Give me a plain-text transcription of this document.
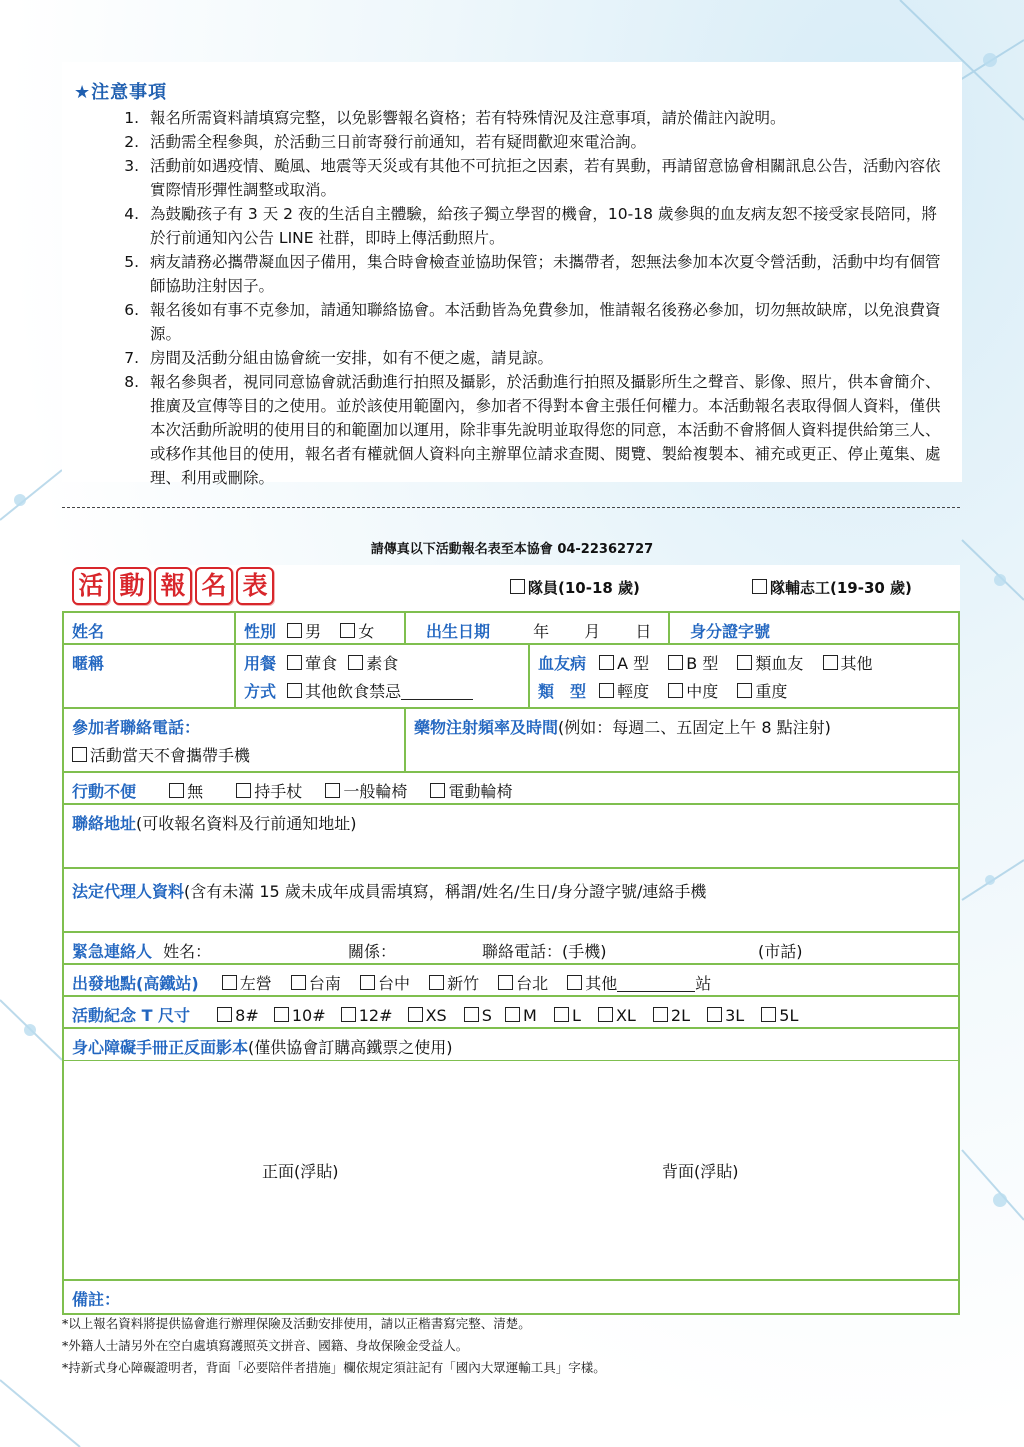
★注意事項
1. 報名所需資料請填寫完整，以免影響報名資格；若有特殊情況及注意事項，請於備註內說明。
2. 活動需全程參與，於活動三日前寄發行前通知，若有疑問歡迎來電洽詢。
3. 活動前如遇疫情、颱風、地震等天災或有其他不可抗拒之因素，若有異動，再請留意協會相關訊息公告，活動內容依實際情形彈性調整或取消。
4. 為鼓勵孩子有 3 天 2 夜的生活自主體驗，給孩子獨立學習的機會，10-18 歲參與的血友病友恕不接受家長陪同，將於行前通知內公告 LINE 社群，即時上傳活動照片。
5. 病友請務必攜帶凝血因子備用，集合時會檢查並協助保管；未攜帶者，恕無法參加本次夏令營活動，活動中均有個管師協助注射因子。
6. 報名後如有事不克參加，請通知聯絡協會。本活動皆為免費參加，惟請報名後務必參加，切勿無故缺席，以免浪費資源。
7. 房間及活動分組由協會統一安排，如有不便之處，請見諒。
8. 報名參與者，視同同意協會就活動進行拍照及攝影，於活動進行拍照及攝影所生之聲音、影像、照片，供本會簡介、推廣及宣傳等目的之使用。並於該使用範圍內，參加者不得對本會主張任何權力。本活動報名表取得個人資料，僅供本次活動所說明的使用目的和範圍加以運用，除非事先說明並取得您的同意，本活動不會將個人資料提供給第三人、或移作其他目的使用，報名者有權就個人資料向主辦單位請求查閱、閱覽、製給複製本、補充或更正、停止蒐集、處理、利用或刪除。
請傳真以下活動報名表至本協會 04-22362727
活 動 報 名 表	隊員(10-18 歲)	隊輔志工(19-30 歲)
姓名	性別 男 女	出生日期	年 月 日	身分證字號
暱稱	用餐 葷食 素食
方式 其他飲食禁忌
血友病 A 型 B 型 類血友 其他
類　型 輕度 中度 重度
參加者聯絡電話：
活動當天不會攜帶手機
藥物注射頻率及時間(例如：每週二、五固定上午 8 點注射)
行動不便	無	持手杖	一般輪椅	電動輪椅
聯絡地址(可收報名資料及行前通知地址)
法定代理人資料(含有未滿 15 歲未成年成員需填寫，稱謂/姓名/生日/身分證字號/連絡手機
緊急連絡人 姓名：	關係：	聯絡電話：(手機)	(市話)
出發地點(高鐵站)	左營 台南 台中 新竹 台北 其他	站
活動紀念 T 尺寸	8# 10# 12# XS S M L XL 2L 3L 5L
身心障礙手冊正反面影本(僅供協會訂購高鐵票之使用)
正面(浮貼)	背面(浮貼)
備註：
*以上報名資料將提供協會進行辦理保險及活動安排使用，請以正楷書寫完整、清楚。
*外籍人士請另外在空白處填寫護照英文拼音、國籍、身故保險金受益人。
*持新式身心障礙證明者，背面「必要陪伴者措施」欄依規定須註記有「國內大眾運輸工具」字樣。
